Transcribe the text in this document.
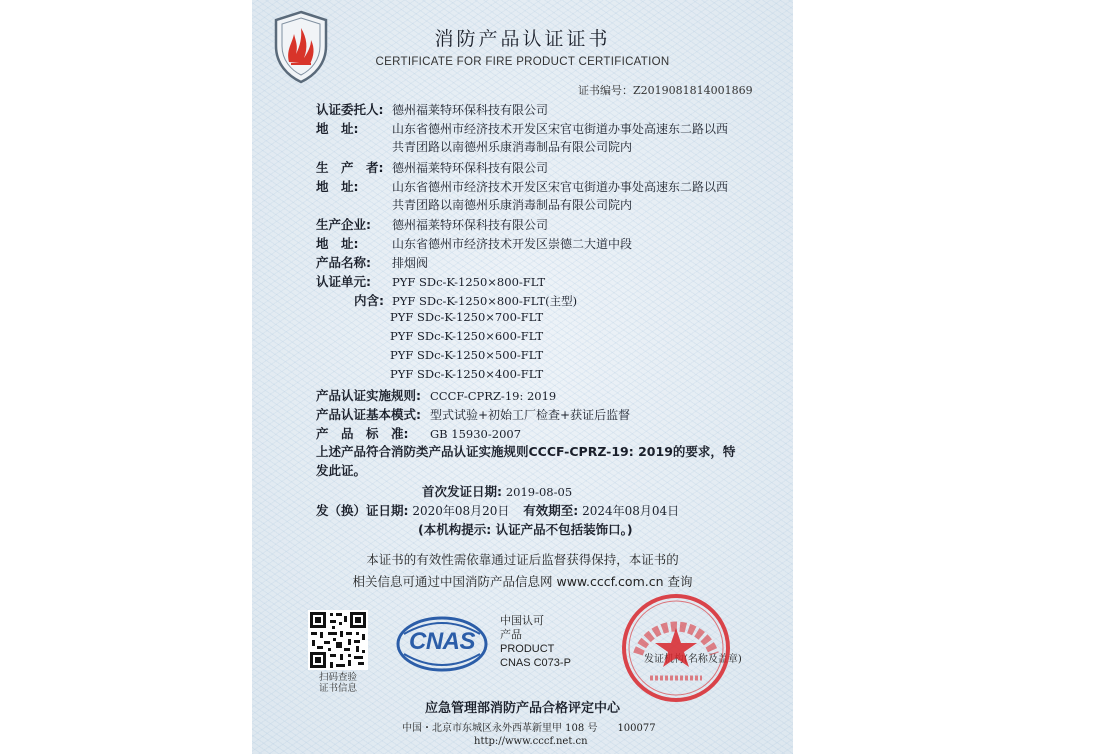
消防产品认证证书
CERTIFICATE FOR FIRE PRODUCT CERTIFICATION
证书编号：Z2019081814001869
认证委托人: 德州福莱特环保科技有限公司
地　址:	山东省德州市经济技术开发区宋官屯街道办事处高速东二路以西
共青团路以南德州乐康消毒制品有限公司院内
生　产　者: 德州福莱特环保科技有限公司
地　址:	山东省德州市经济技术开发区宋官屯街道办事处高速东二路以西
共青团路以南德州乐康消毒制品有限公司院内
生产企业: 德州福莱特环保科技有限公司
地　址:	山东省德州市经济技术开发区崇德二大道中段
产品名称: 排烟阀
认证单元: PYF SDc-K-1250×800-FLT
内含: PYF SDc-K-1250×800-FLT(主型)
PYF SDc-K-1250×700-FLT
PYF SDc-K-1250×600-FLT
PYF SDc-K-1250×500-FLT
PYF SDc-K-1250×400-FLT
产品认证实施规则: CCCF-CPRZ-19: 2019
产品认证基本模式: 型式试验+初始工厂检查+获证后监督
产　品　标　准: GB 15930-2007
上述产品符合消防类产品认证实施规则CCCF-CPRZ-19: 2019的要求，特发此证。
首次发证日期: 2019-08-05
发（换）证日期: 2020年08月20日 有效期至: 2024年08月04日
(本机构提示: 认证产品不包括装饰口。)
本证书的有效性需依靠通过证后监督获得保持，本证书的
相关信息可通过中国消防产品信息网 www.cccf.com.cn 查询
扫码查验
证书信息
CNAS
中国认可
产品
PRODUCT
CNAS C073-P	发证机构(名称及盖章)
应急管理部消防产品合格评定中心
中国・北京市东城区永外西革新里甲 108 号　　100077
http://www.cccf.net.cn
